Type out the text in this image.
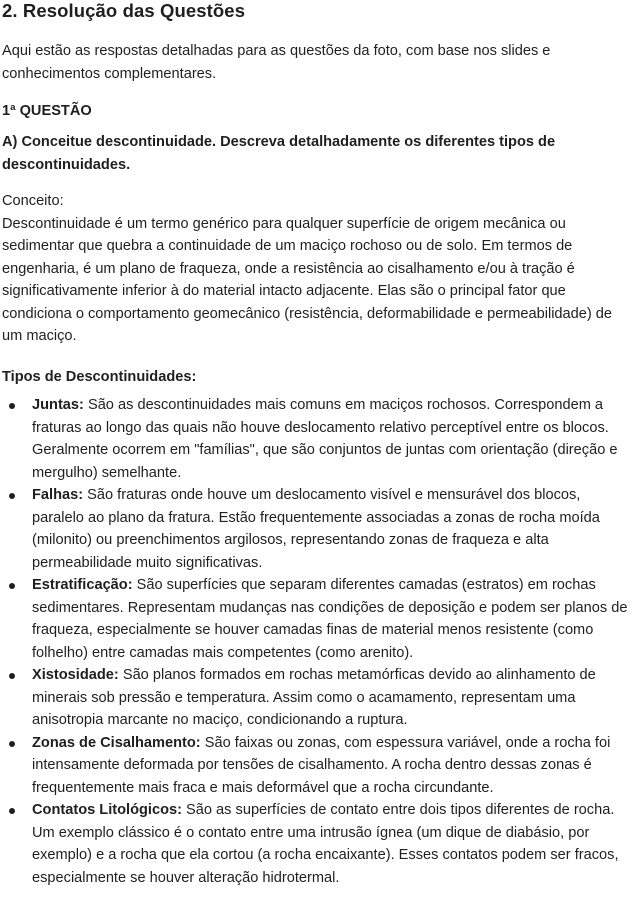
2. Resolução das Questões

Aqui estão as respostas detalhadas para as questões da foto, com base nos slides e conhecimentos complementares.

1ª QUESTÃO

A) Conceitue descontinuidade. Descreva detalhadamente os diferentes tipos de descontinuidades.

Conceito:

Descontinuidade é um termo genérico para qualquer superfície de origem mecânica ou sedimentar que quebra a continuidade de um maciço rochoso ou de solo. Em termos de engenharia, é um plano de fraqueza, onde a resistência ao cisalhamento e/ou à tração é significativamente inferior à do material intacto adjacente. Elas são o principal fator que condiciona o comportamento geomecânico (resistência, deformabilidade e permeabilidade) de um maciço.

Tipos de Descontinuidades:

Juntas: São as descontinuidades mais comuns em maciços rochosos. Correspondem a fraturas ao longo das quais não houve deslocamento relativo perceptível entre os blocos. Geralmente ocorrem em "famílias", que são conjuntos de juntas com orientação (direção e mergulho) semelhante.
Falhas: São fraturas onde houve um deslocamento visível e mensurável dos blocos, paralelo ao plano da fratura. Estão frequentemente associadas a zonas de rocha moída (milonito) ou preenchimentos argilosos, representando zonas de fraqueza e alta permeabilidade muito significativas.
Estratificação: São superfícies que separam diferentes camadas (estratos) em rochas sedimentares. Representam mudanças nas condições de deposição e podem ser planos de fraqueza, especialmente se houver camadas finas de material menos resistente (como folhelho) entre camadas mais competentes (como arenito).
Xistosidade: São planos formados em rochas metamórficas devido ao alinhamento de minerais sob pressão e temperatura. Assim como o acamamento, representam uma anisotropia marcante no maciço, condicionando a ruptura.
Zonas de Cisalhamento: São faixas ou zonas, com espessura variável, onde a rocha foi intensamente deformada por tensões de cisalhamento. A rocha dentro dessas zonas é frequentemente mais fraca e mais deformável que a rocha circundante.
Contatos Litológicos: São as superfícies de contato entre dois tipos diferentes de rocha. Um exemplo clássico é o contato entre uma intrusão ígnea (um dique de diabásio, por exemplo) e a rocha que ela cortou (a rocha encaixante). Esses contatos podem ser fracos, especialmente se houver alteração hidrotermal.
